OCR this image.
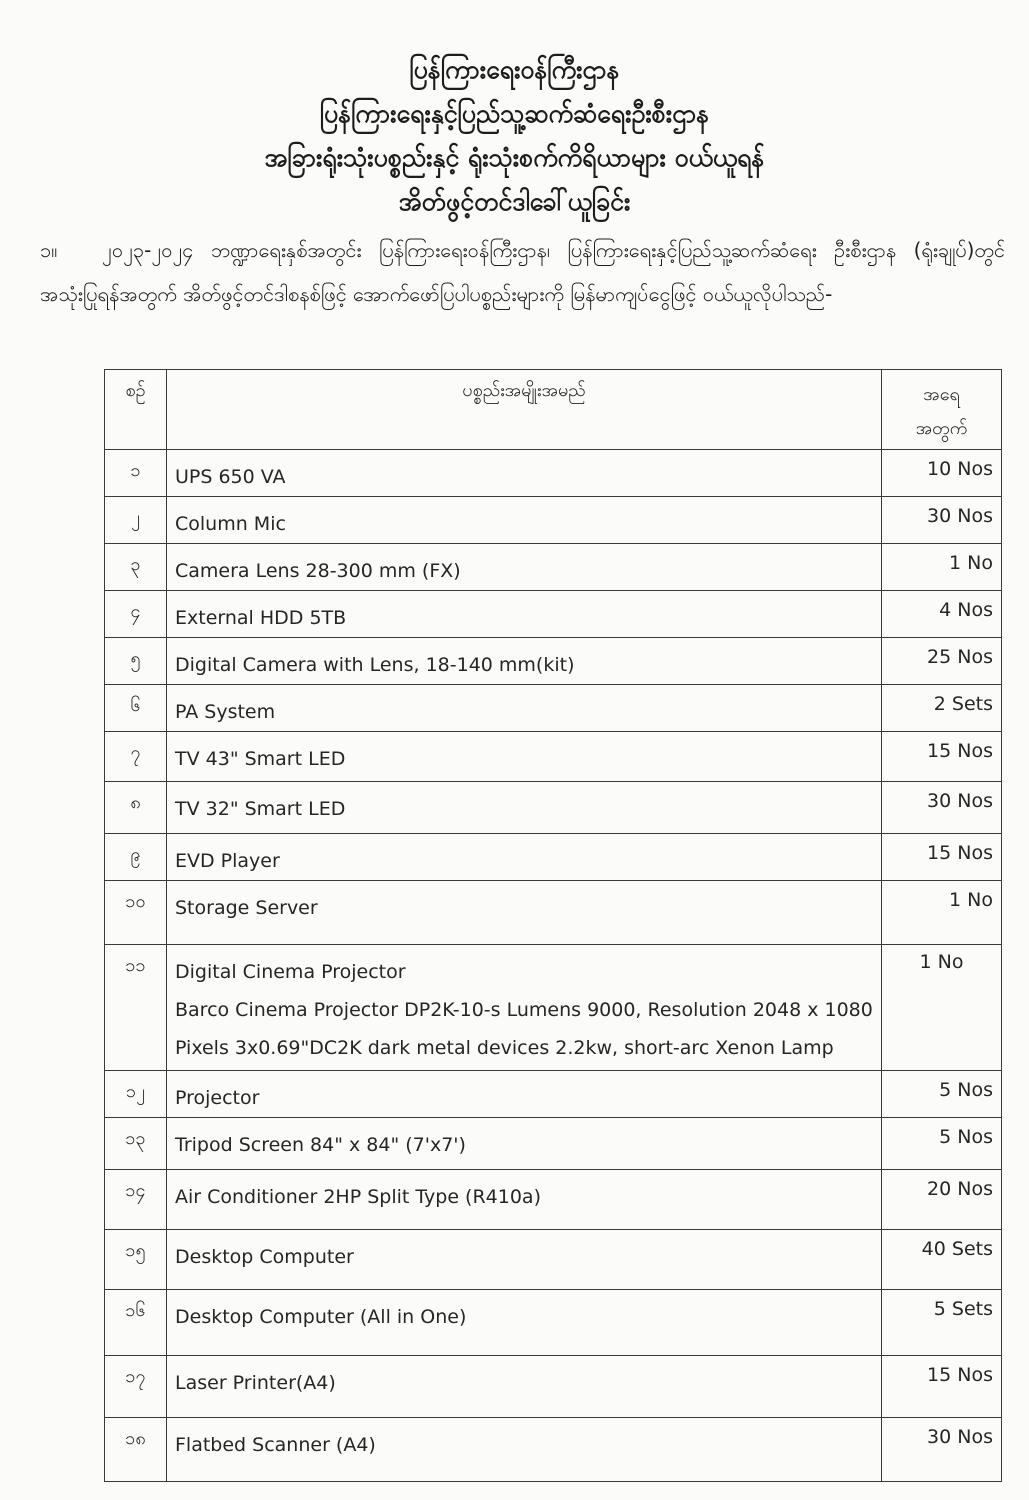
ပြန်ကြားရေးဝန်ကြီးဌာန
ပြန်ကြားရေးနှင့်ပြည်သူ့ဆက်ဆံရေးဦးစီးဌာန
အခြားရုံးသုံးပစ္စည်းနှင့် ရုံးသုံးစက်ကိရိယာများ ဝယ်ယူရန်
အိတ်ဖွင့်တင်ဒါခေါ်ယူခြင်း
၁။ ၂၀၂၃-၂၀၂၄ ဘဏ္ဍာရေးနှစ်အတွင်း ပြန်ကြားရေးဝန်ကြီးဌာန၊ ပြန်ကြားရေးနှင့်ပြည်သူ့ဆက်ဆံရေး ဦးစီးဌာန (ရုံးချုပ်)တွင် အသုံးပြုရန်အတွက် အိတ်ဖွင့်တင်ဒါစနစ်ဖြင့် အောက်ဖော်ပြပါပစ္စည်းများကို မြန်မာကျပ်ငွေဖြင့် ဝယ်ယူလိုပါသည်-
စဉ်	ပစ္စည်းအမျိုးအမည်	အရေ
အတွက်

၁	UPS 650 VA	10 Nos
၂	Column Mic	30 Nos
၃	Camera Lens 28-300 mm (FX)	1 No
၄	External HDD 5TB	4 Nos
၅	Digital Camera with Lens, 18-140 mm(kit)	25 Nos
၆	PA System	2 Sets
၇	TV 43" Smart LED	15 Nos
၈	TV 32" Smart LED	30 Nos
၉	EVD Player	15 Nos
၁၀	Storage Server	1 No
၁၁	Digital Cinema Projector
Barco Cinema Projector DP2K-10-s Lumens 9000, Resolution 2048 x 1080
Pixels 3x0.69"DC2K dark metal devices 2.2kw, short-arc Xenon Lamp	1 No
၁၂	Projector	5 Nos
၁၃	Tripod Screen 84" x 84" (7'x7')	5 Nos
၁၄	Air Conditioner 2HP Split Type (R410a)	20 Nos
၁၅	Desktop Computer	40 Sets
၁၆	Desktop Computer (All in One)	5 Sets
၁၇	Laser Printer(A4)	15 Nos
၁၈	Flatbed Scanner (A4)	30 Nos
